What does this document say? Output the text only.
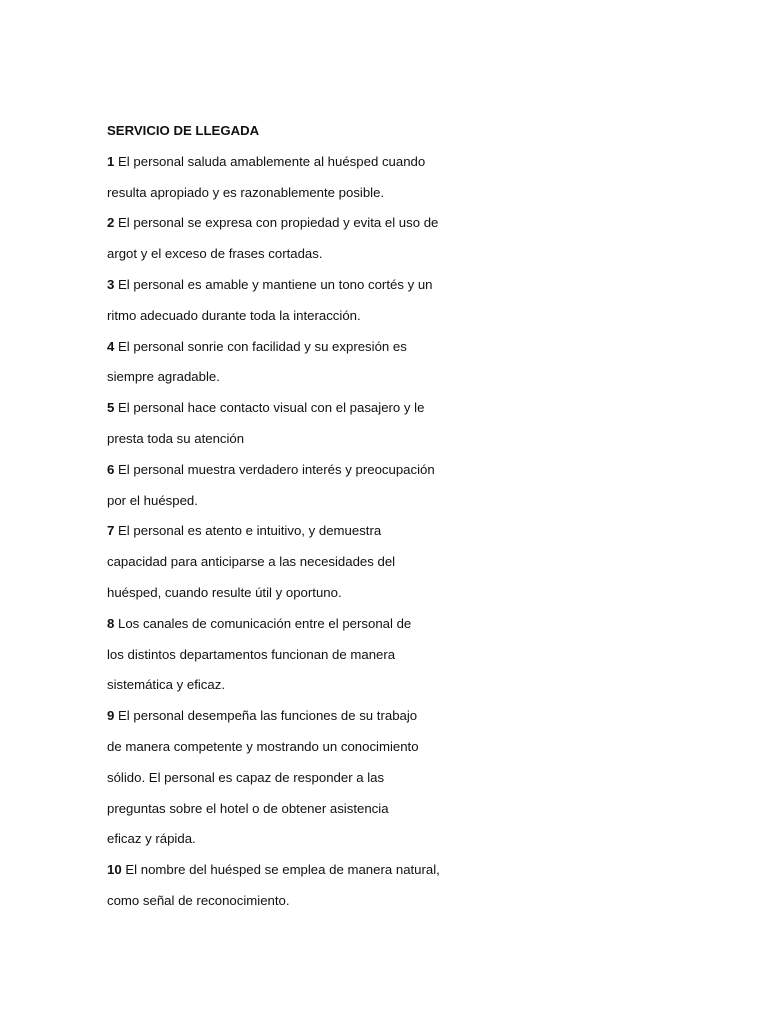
SERVICIO DE LLEGADA
1 El personal saluda amablemente al huésped cuando
resulta apropiado y es razonablemente posible.
2 El personal se expresa con propiedad y evita el uso de
argot y el exceso de frases cortadas.
3 El personal es amable y mantiene un tono cortés y un
ritmo adecuado durante toda la interacción.
4 El personal sonrie con facilidad y su expresión es
siempre agradable.
5 El personal hace contacto visual con el pasajero y le
presta toda su atención
6 El personal muestra verdadero interés y preocupación
por el huésped.
7 El personal es atento e intuitivo, y demuestra
capacidad para anticiparse a las necesidades del
huésped, cuando resulte útil y oportuno.
8 Los canales de comunicación entre el personal de
los distintos departamentos funcionan de manera
sistemática y eficaz.
9 El personal desempeña las funciones de su trabajo
de manera competente y mostrando un conocimiento
sólido. El personal es capaz de responder a las
preguntas sobre el hotel o de obtener asistencia
eficaz y rápida.
10 El nombre del huésped se emplea de manera natural,
como señal de reconocimiento.
